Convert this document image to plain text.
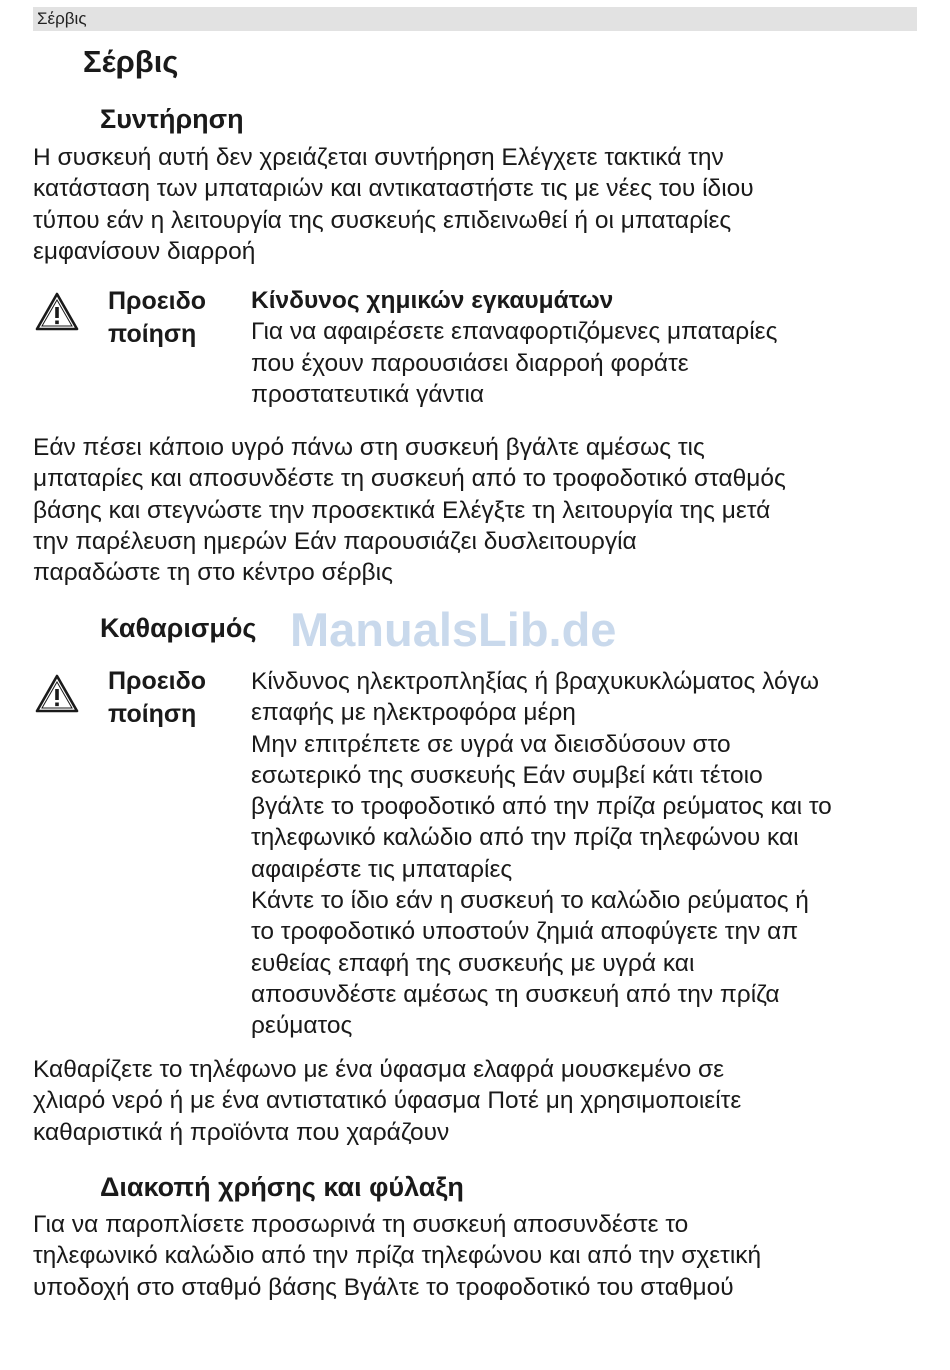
Σέρβις
Σέρβις
Συντήρηση

Η συσκευή αυτή δεν χρειάζεται συντήρηση Ελέγχετε τακτικά την
κατάσταση των μπαταριών και αντικαταστήστε τις με νέες του ίδιου
τύπου εάν η λειτουργία της συσκευής επιδεινωθεί ή οι μπαταρίες
εμφανίσουν διαρροή

Προειδο
ποίηση

Κίνδυνος χημικών εγκαυμάτων
Για να αφαιρέσετε επαναφορτιζόμενες μπαταρίες
που έχουν παρουσιάσει διαρροή φοράτε
προστατευτικά γάντια

Εάν πέσει κάποιο υγρό πάνω στη συσκευή βγάλτε αμέσως τις
μπαταρίες και αποσυνδέστε τη συσκευή από το τροφοδοτικό σταθμός
βάσης και στεγνώστε την προσεκτικά Ελέγξτε τη λειτουργία της μετά
την παρέλευση ημερών Εάν παρουσιάζει δυσλειτουργία
παραδώστε τη στο κέντρο σέρβις

Καθαρισμός ManualsLib.de

Προειδο
ποίηση

Κίνδυνος ηλεκτροπληξίας ή βραχυκυκλώματος λόγω
επαφής με ηλεκτροφόρα μέρη
Μην επιτρέπετε σε υγρά να διεισδύσουν στο
εσωτερικό της συσκευής Εάν συμβεί κάτι τέτοιο
βγάλτε το τροφοδοτικό από την πρίζα ρεύματος και το
τηλεφωνικό καλώδιο από την πρίζα τηλεφώνου και
αφαιρέστε τις μπαταρίες
Κάντε το ίδιο εάν η συσκευή το καλώδιο ρεύματος ή
το τροφοδοτικό υποστούν ζημιά αποφύγετε την απ
ευθείας επαφή της συσκευής με υγρά και
αποσυνδέστε αμέσως τη συσκευή από την πρίζα
ρεύματος

Καθαρίζετε το τηλέφωνο με ένα ύφασμα ελαφρά μουσκεμένο σε
χλιαρό νερό ή με ένα αντιστατικό ύφασμα Ποτέ μη χρησιμοποιείτε
καθαριστικά ή προϊόντα που χαράζουν

Διακοπή χρήσης και φύλαξη

Για να παροπλίσετε προσωρινά τη συσκευή αποσυνδέστε το
τηλεφωνικό καλώδιο από την πρίζα τηλεφώνου και από την σχετική
υποδοχή στο σταθμό βάσης Βγάλτε το τροφοδοτικό του σταθμού
